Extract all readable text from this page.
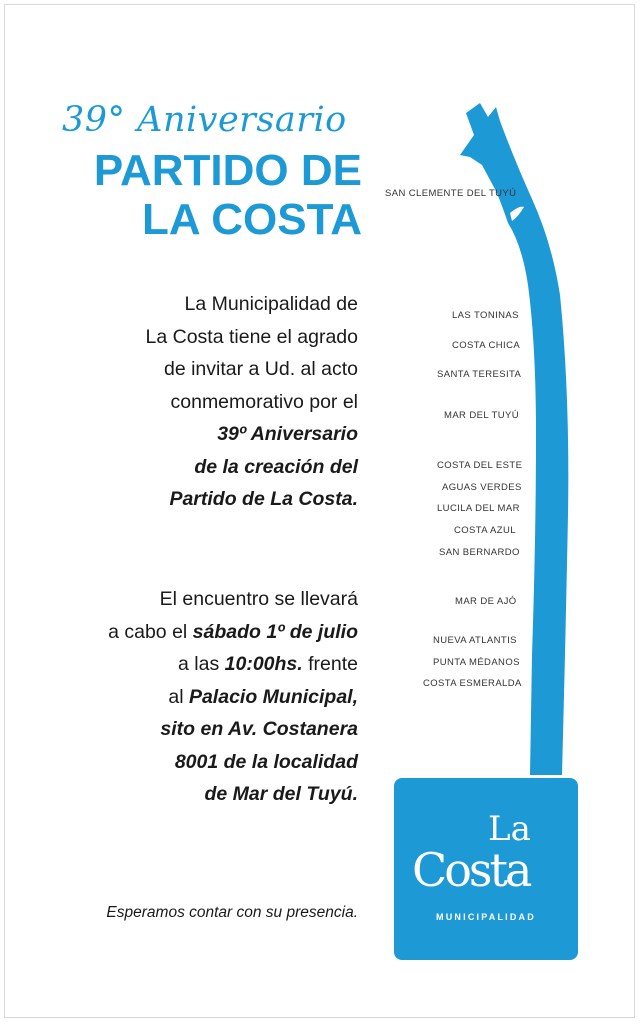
39° Aniversario
PARTIDO DE
LA COSTA
La Municipalidad de
La Costa tiene el agrado
de invitar a Ud. al acto
conmemorativo por el
39º Aniversario
de la creación del
Partido de La Costa.
El encuentro se llevará
a cabo el sábado 1º de julio
a las 10:00hs. frente
al Palacio Municipal,
sito en Av. Costanera
8001 de la localidad
de Mar del Tuyú.
Esperamos contar con su presencia.
SAN CLEMENTE DEL TUYÚ
LAS TONINAS
COSTA CHICA
SANTA TERESITA
MAR DEL TUYÚ
COSTA DEL ESTE
AGUAS VERDES
LUCILA DEL MAR
COSTA AZUL
SAN BERNARDO
MAR DE AJÓ
NUEVA ATLANTIS
PUNTA MÉDANOS
COSTA ESMERALDA
La
Costa
MUNICIPALIDAD
